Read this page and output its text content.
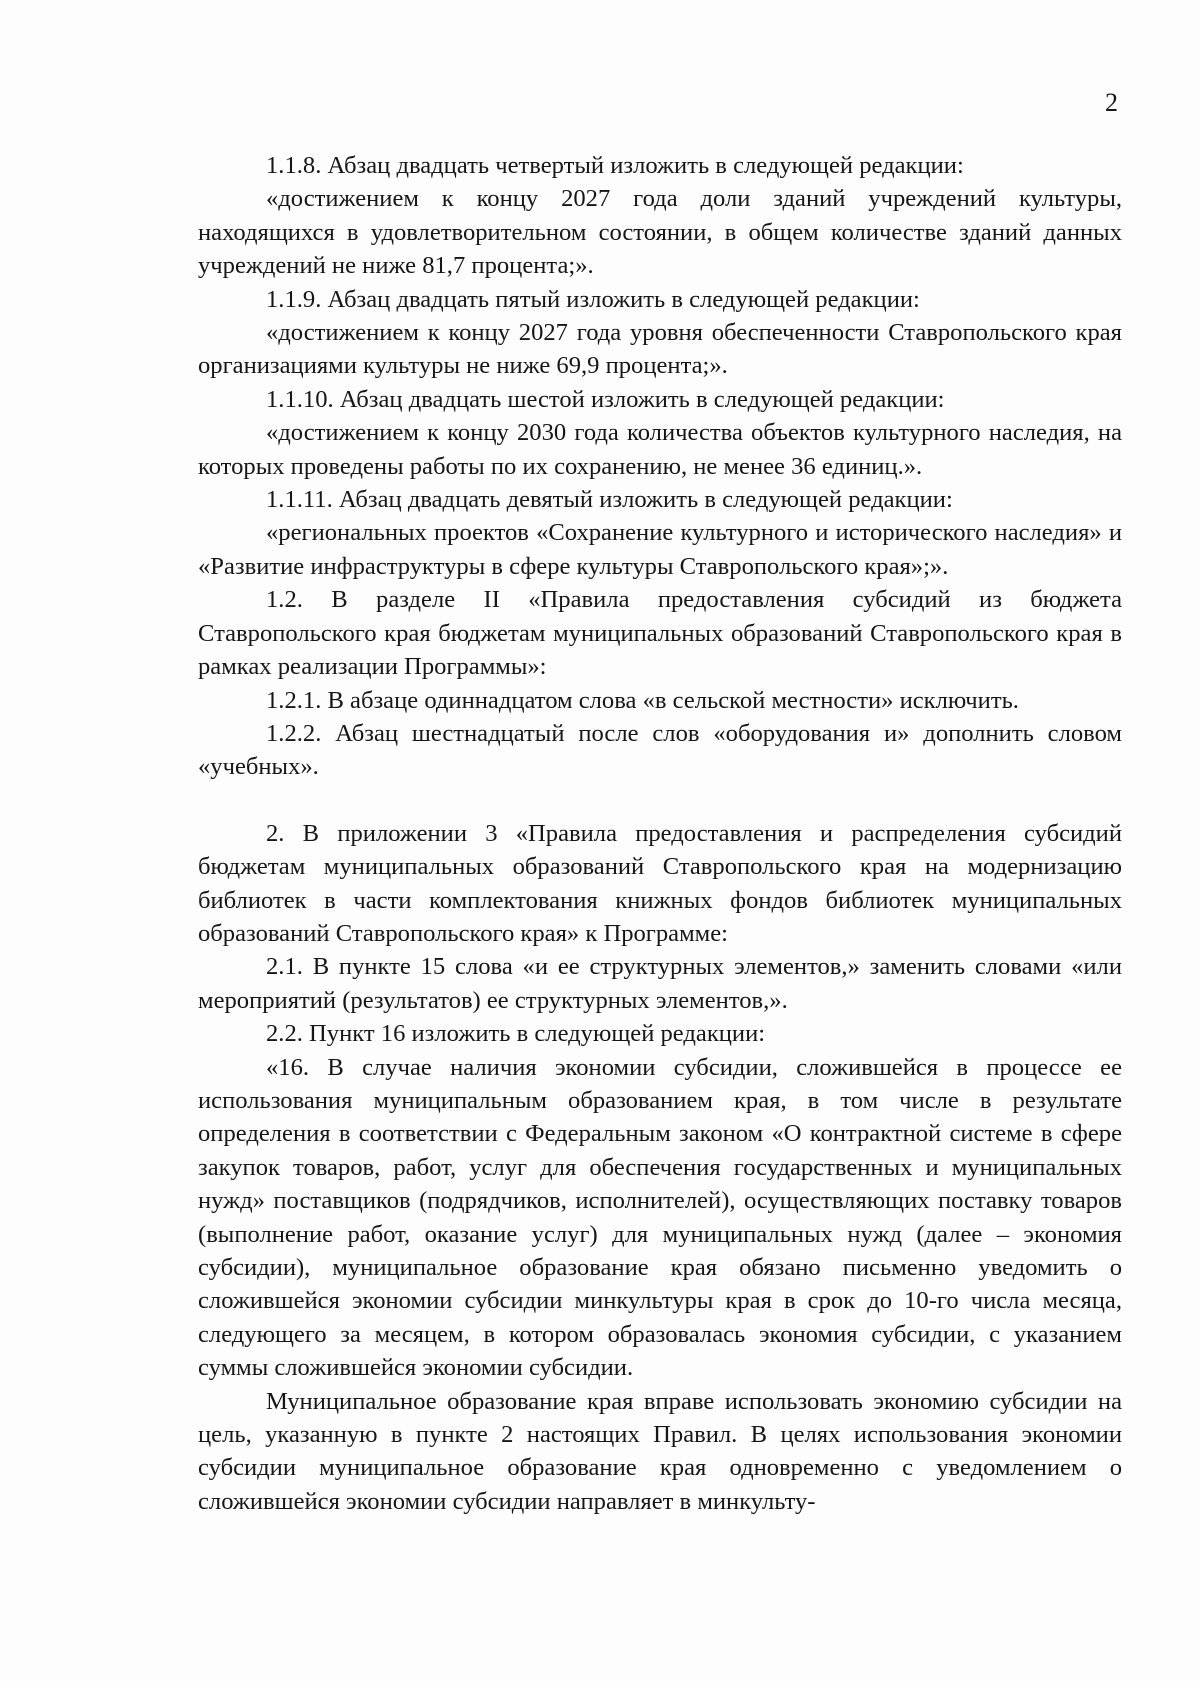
2

1.1.8. Абзац двадцать четвертый изложить в следующей редакции:

«достижением к концу 2027 года доли зданий учреждений культуры, находящихся в удовлетворительном состоянии, в общем количестве зданий данных учреждений не ниже 81,7 процента;».

1.1.9. Абзац двадцать пятый изложить в следующей редакции:

«достижением к концу 2027 года уровня обеспеченности Ставропольского края организациями культуры не ниже 69,9 процента;».

1.1.10. Абзац двадцать шестой изложить в следующей редакции:

«достижением к концу 2030 года количества объектов культурного наследия, на которых проведены работы по их сохранению, не менее 36 единиц.».

1.1.11. Абзац двадцать девятый изложить в следующей редакции:

«региональных проектов «Сохранение культурного и исторического наследия» и «Развитие инфраструктуры в сфере культуры Ставропольского края»;».

1.2. В разделе II «Правила предоставления субсидий из бюджета Ставропольского края бюджетам муниципальных образований Ставропольского края в рамках реализации Программы»:

1.2.1. В абзаце одиннадцатом слова «в сельской местности» исключить.

1.2.2. Абзац шестнадцатый после слов «оборудования и» дополнить словом «учебных».

2. В приложении 3 «Правила предоставления и распределения субсидий бюджетам муниципальных образований Ставропольского края на модернизацию библиотек в части комплектования книжных фондов библиотек муниципальных образований Ставропольского края» к Программе:

2.1. В пункте 15 слова «и ее структурных элементов,» заменить словами «или мероприятий (результатов) ее структурных элементов,».

2.2. Пункт 16 изложить в следующей редакции:

«16. В случае наличия экономии субсидии, сложившейся в процессе ее использования муниципальным образованием края, в том числе в результате определения в соответствии с Федеральным законом «О контрактной системе в сфере закупок товаров, работ, услуг для обеспечения государственных и муниципальных нужд» поставщиков (подрядчиков, исполнителей), осуществляющих поставку товаров (выполнение работ, оказание услуг) для муниципальных нужд (далее – экономия субсидии), муниципальное образование края обязано письменно уведомить о сложившейся экономии субсидии минкультуры края в срок до 10-го числа месяца, следующего за месяцем, в котором образовалась экономия субсидии, с указанием суммы сложившейся экономии субсидии.

Муниципальное образование края вправе использовать экономию субсидии на цель, указанную в пункте 2 настоящих Правил. В целях использования экономии субсидии муниципальное образование края одновременно с уведомлением о сложившейся экономии субсидии направляет в минкульту-
